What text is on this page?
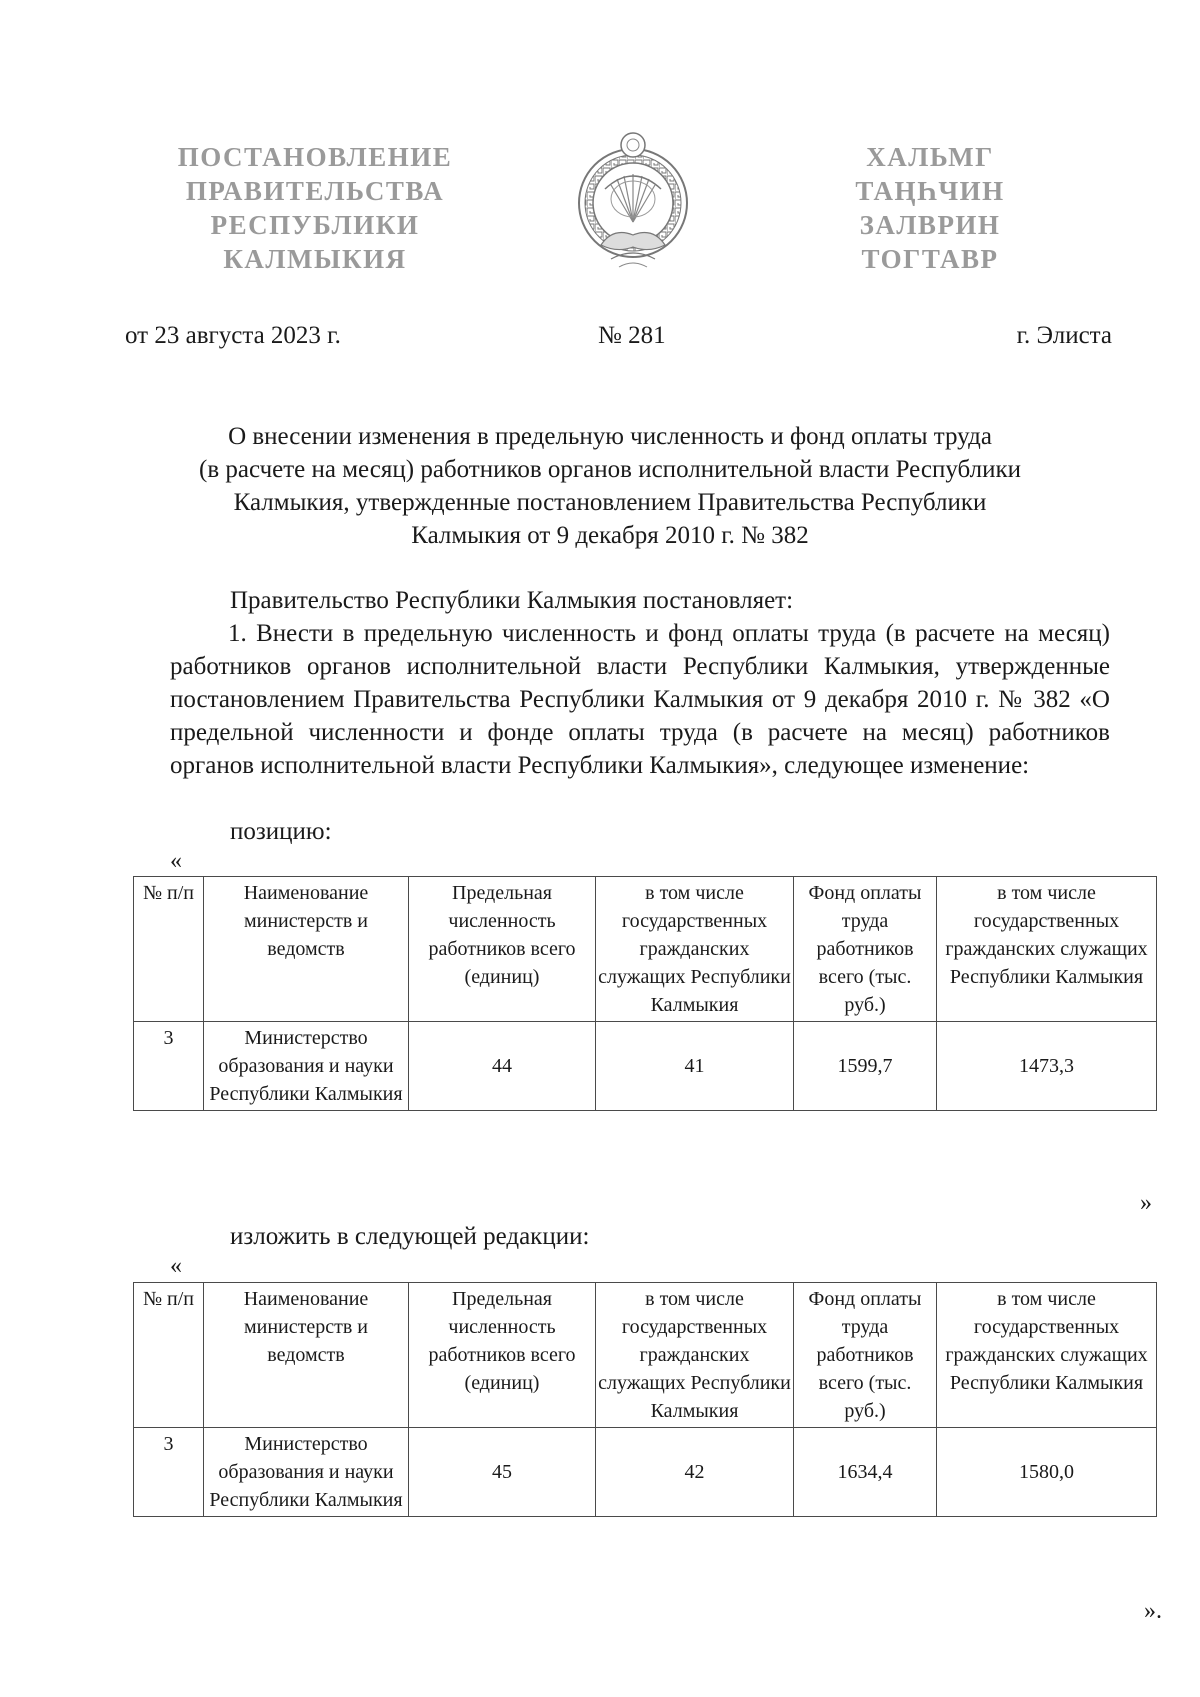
ПОСТАНОВЛЕНИЕ
ПРАВИТЕЛЬСТВА
РЕСПУБЛИКИ
КАЛМЫКИЯ
ХАЛЬМГ
ТАҢҺЧИН
ЗАЛВРИН
ТОГТАВР
от 23 августа 2023 г.	№ 281	г. Элиста
О внесении изменения в предельную численность и фонд оплаты труда
(в расчете на месяц) работников органов исполнительной власти Республики
Калмыкия, утвержденные постановлением Правительства Республики
Калмыкия от 9 декабря 2010 г. № 382
Правительство Республики Калмыкия постановляет:
1. Внести в предельную численность и фонд оплаты труда (в расчете на месяц) работников органов исполнительной власти Республики Калмыкия, утвержденные постановлением Правительства Республики Калмыкия от 9 декабря 2010 г. № 382 «О предельной численности и фонде оплаты труда (в расчете на месяц) работников органов исполнительной власти Республики Калмыкия», следующее изменение:
позицию:
«
№ п/п	Наименование министерств и ведомств	Предельная численность работников всего (единиц)	в том числе государственных гражданских служащих Республики Калмыкия	Фонд оплаты труда работников всего (тыс. руб.)	в том числе государственных гражданских служащих Республики Калмыкия
3	Министерство образования и науки Республики Калмыкия	44	41	1599,7	1473,3
»
изложить в следующей редакции:
«
№ п/п	Наименование министерств и ведомств	Предельная численность работников всего (единиц)	в том числе государственных гражданских служащих Республики Калмыкия	Фонд оплаты труда работников всего (тыс. руб.)	в том числе государственных гражданских служащих Республики Калмыкия
3	Министерство образования и науки Республики Калмыкия	45	42	1634,4	1580,0
».
